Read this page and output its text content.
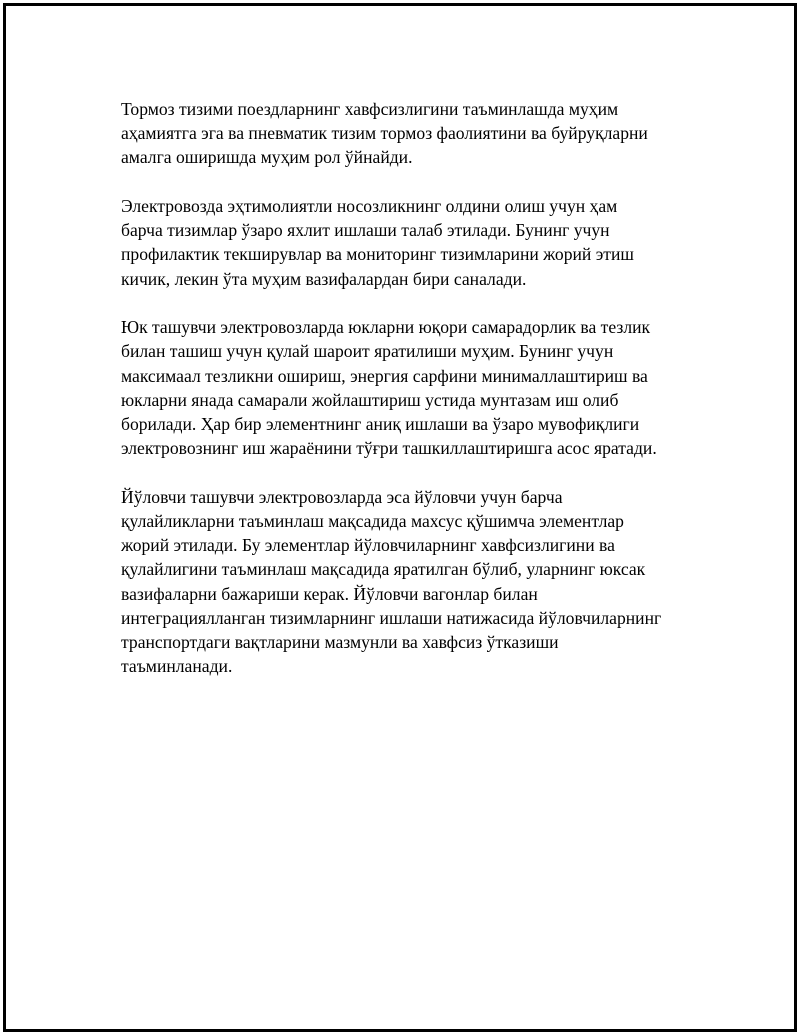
Тормоз тизими поездларнинг хавфсизлигини таъминлашда муҳим
аҳамиятга эга ва пневматик тизим тормоз фаолиятини ва буйруқларни
амалга оширишда муҳим рол ўйнайди.

Электровозда эҳтимолиятли носозликнинг олдини олиш учун ҳам
барча тизимлар ўзаро яхлит ишлаши талаб этилади. Бунинг учун
профилактик текширувлар ва мониторинг тизимларини жорий этиш
кичик, лекин ўта муҳим вазифалардан бири саналади.

Юк ташувчи электровозларда юкларни юқори самарадорлик ва тезлик
билан ташиш учун қулай шароит яратилиши муҳим. Бунинг учун
максимаал тезликни ошириш, энергия сарфини минималлаштириш ва
юкларни янада самарали жойлаштириш устида мунтазам иш олиб
борилади. Ҳар бир элементнинг аниқ ишлаши ва ўзаро мувофиқлиги
электровознинг иш жараёнини тўғри ташкиллаштиришга асос яратади.

Йўловчи ташувчи электровозларда эса йўловчи учун барча
қулайликларни таъминлаш мақсадида махсус қўшимча элементлар
жорий этилади. Бу элементлар йўловчиларнинг хавфсизлигини ва
қулайлигини таъминлаш мақсадида яратилган бўлиб, уларнинг юксак
вазифаларни бажариши керак. Йўловчи вагонлар билан
интеграциялланган тизимларнинг ишлаши натижасида йўловчиларнинг
транспортдаги вақтларини мазмунли ва хавфсиз ўтказиши
таъминланади.
